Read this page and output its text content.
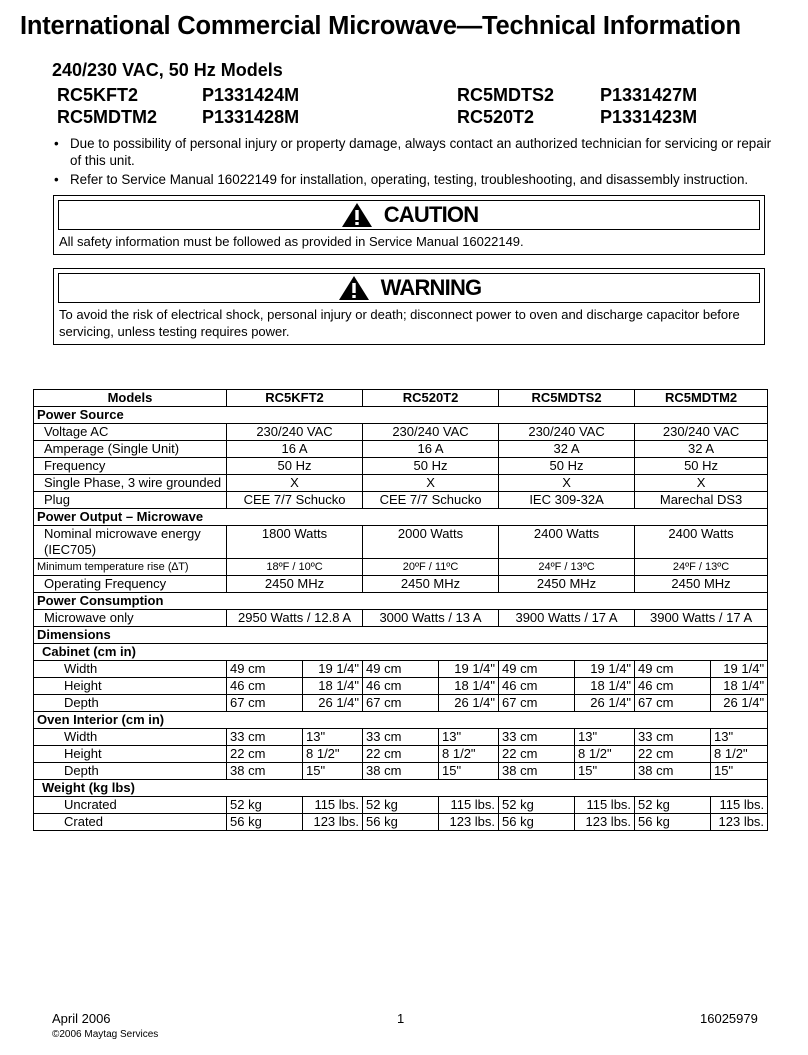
International Commercial Microwave—Technical Information
240/230 VAC, 50 Hz Models
RC5KFT2	P1331424M	RC5MDTS2	P1331427M
RC5MDTM2 P1331428M	RC520T2	P1331423M
• Due to possibility of personal injury or property damage, always contact an authorized technician for servicing or repair of this unit.
• Refer to Service Manual 16022149 for installation, operating, testing, troubleshooting, and disassembly instruction.
CAUTION
All safety information must be followed as provided in Service Manual 16022149.
WARNING
To avoid the risk of electrical shock, personal injury or death; disconnect power to oven and discharge capacitor before servicing, unless testing requires power.
Models	RC5KFT2		RC520T2		RC5MDTS2		RC5MDTM2	
Power Source								
Voltage AC	230/240 VAC		230/240 VAC		230/240 VAC		230/240 VAC	
Amperage (Single Unit)	16 A		16 A		32 A		32 A	
Frequency	50 Hz		50 Hz		50 Hz		50 Hz	
Single Phase, 3 wire grounded	X		X		X		X	
Plug	CEE 7/7 Schucko		CEE 7/7 Schucko		IEC 309-32A		Marechal DS3	
Power Output – Microwave								
Nominal microwave energy (IEC705)	1800 Watts		2000 Watts		2400 Watts		2400 Watts	
Minimum temperature rise (∆T)	18ºF / 10ºC		20ºF / 11ºC		24ºF / 13ºC		24ºF / 13ºC	
Operating Frequency	2450 MHz		2450 MHz		2450 MHz		2450 MHz	
Power Consumption								
Microwave only	2950 Watts / 12.8 A		3000 Watts / 13 A		3900 Watts / 17 A		3900 Watts / 17 A	
Dimensions								
Cabinet (cm in)								
Width	49 cm	19 1/4"	49 cm	19 1/4"	49 cm	19 1/4"	49 cm	19 1/4"
Height	46 cm	18 1/4"	46 cm	18 1/4"	46 cm	18 1/4"	46 cm	18 1/4"
Depth	67 cm	26 1/4"	67 cm	26 1/4"	67 cm	26 1/4"	67 cm	26 1/4"
Oven Interior (cm in)								
Width	33 cm	13"	33 cm	13"	33 cm	13"	33 cm	13"
Height	22 cm	8 1/2"	22 cm	8 1/2"	22 cm	8 1/2"	22 cm	8 1/2"
Depth	38 cm	15"	38 cm	15"	38 cm	15"	38 cm	15"
Weight (kg lbs)								
Uncrated	52 kg	115 lbs.	52 kg	115 lbs.	52 kg	115 lbs.	52 kg	115 lbs.
Crated	56 kg	123 lbs.	56 kg	123 lbs.	56 kg	123 lbs.	56 kg	123 lbs.
April 2006
©2006 Maytag Services
1	16025979
